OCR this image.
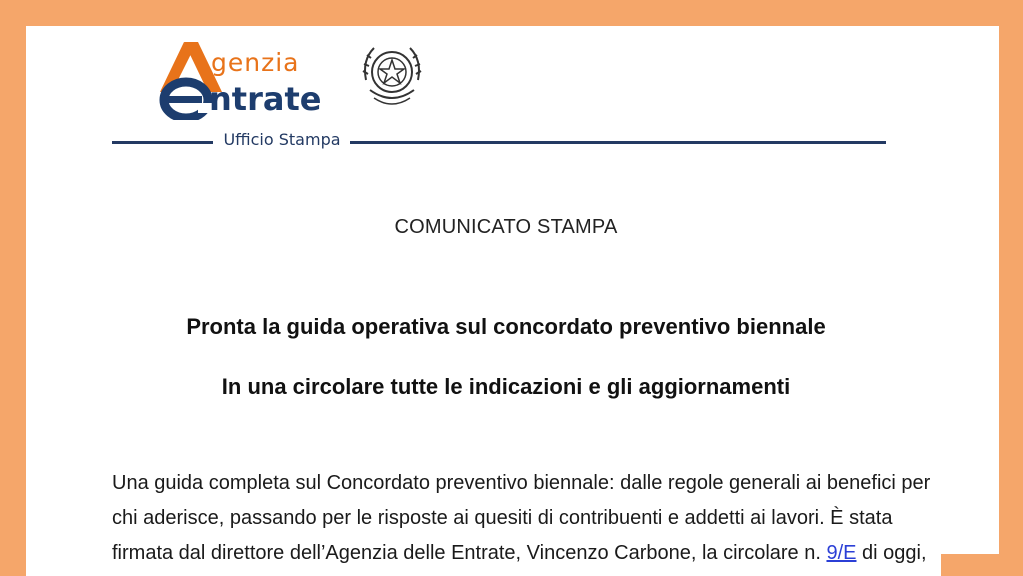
genzia
ntrate
Ufficio Stampa
COMUNICATO STAMPA
Pronta la guida operativa sul concordato preventivo biennale
In una circolare tutte le indicazioni e gli aggiornamenti
Una guida completa sul Concordato preventivo biennale: dalle regole generali ai benefici per
chi aderisce, passando per le risposte ai quesiti di contribuenti e addetti ai lavori. È stata
firmata dal direttore dell’Agenzia delle Entrate, Vincenzo Carbone, la circolare n. 9/E di oggi,
